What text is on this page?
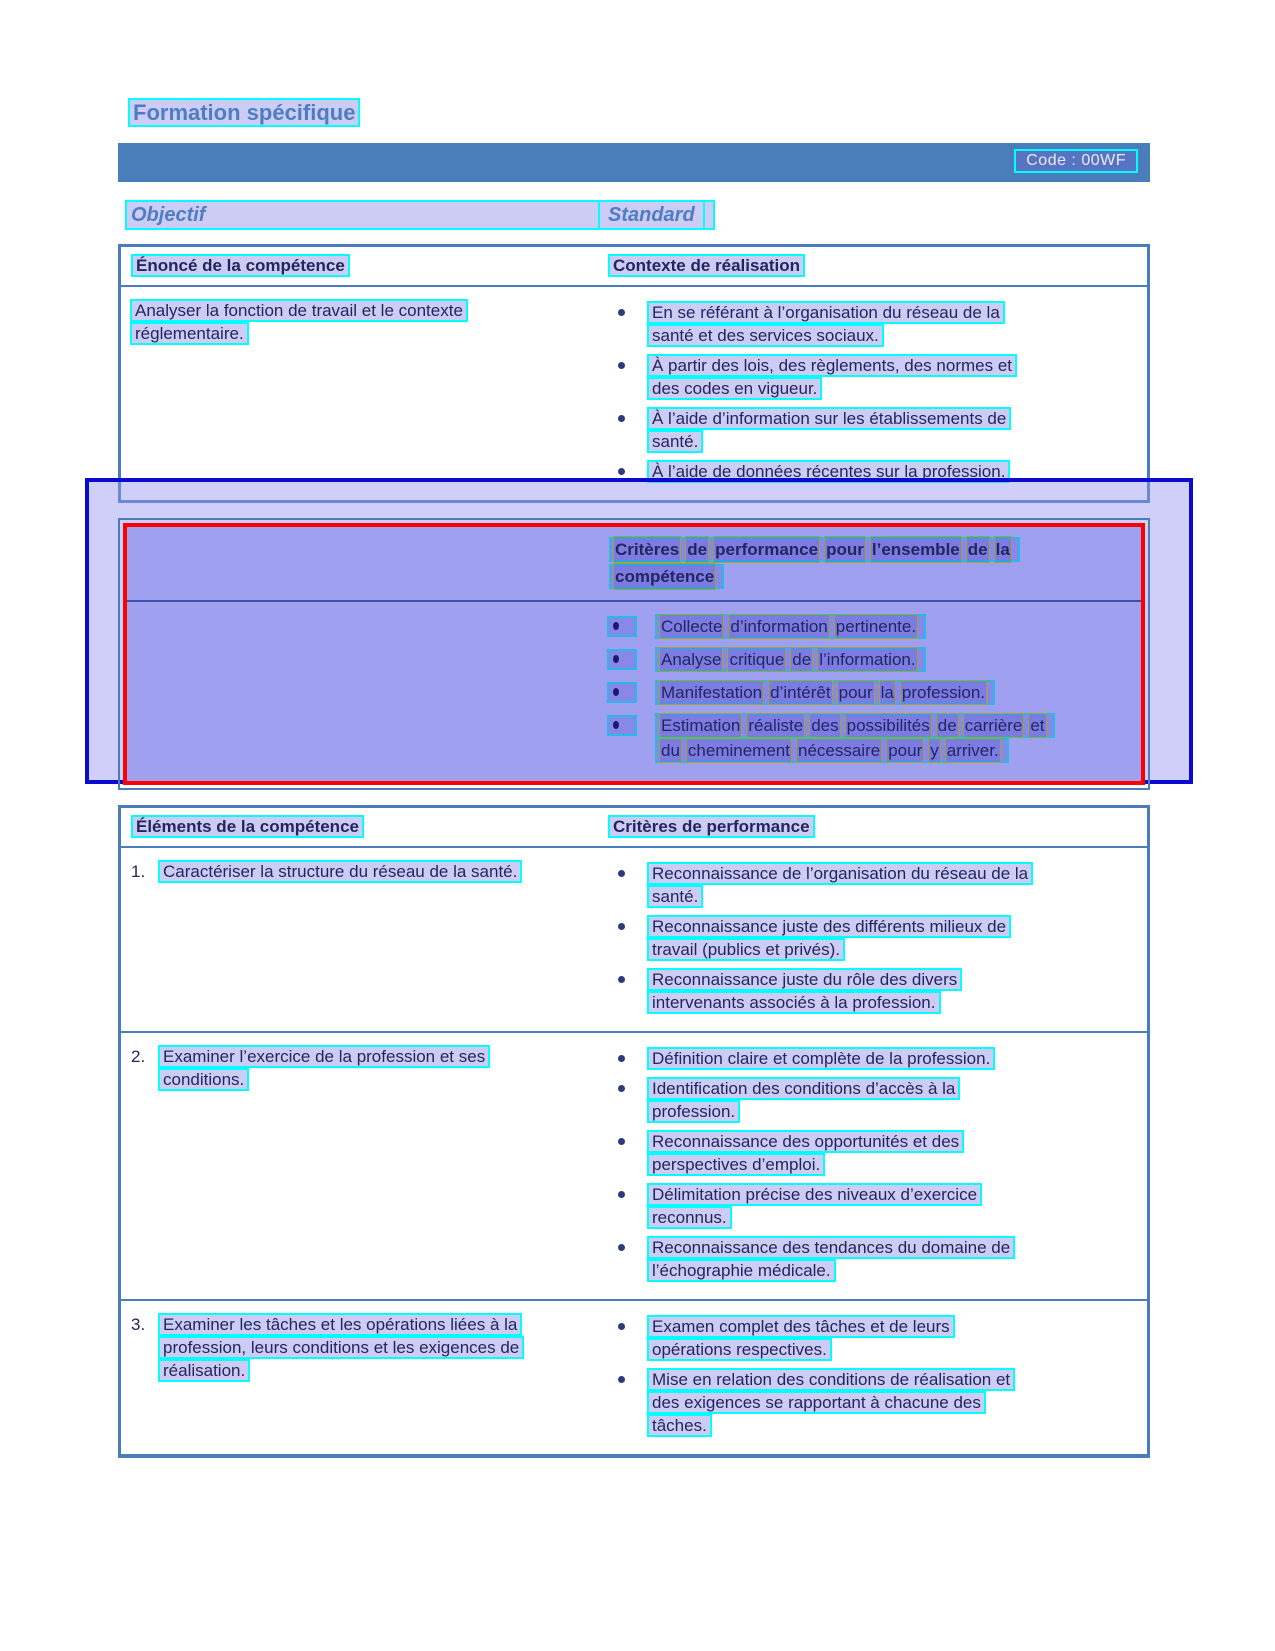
Formation spécifique
Code : 00WF
Objectif	Standard
Énoncé de la compétence	Contexte de réalisation
Analyser la fonction de travail et le contexte réglementaire.
En se référant à l’organisation du réseau de la santé et des services sociaux.
À partir des lois, des règlements, des normes et des codes en vigueur.
À l’aide d’information sur les établissements de santé.
À l’aide de données récentes sur la profession.
Critères de performance pour l’ensemble de lacompétence
Collecte d’information pertinente.
Analyse critique de l’information.
Manifestation d’intérêt pour la profession.
Estimation réaliste des possibilités de carrière etdu cheminement nécessaire pour y arriver.
Éléments de la compétence	Critères de performance
1.	Caractériser la structure du réseau de la santé.	Reconnaissance de l’organisation du réseau de la santé.
Reconnaissance juste des différents milieux de travail (publics et privés).
Reconnaissance juste du rôle des divers intervenants associés à la profession.
2.	Examiner l’exercice de la profession et ses conditions.
Définition claire et complète de la profession.
Identification des conditions d’accès à la profession.
Reconnaissance des opportunités et des perspectives d’emploi.
Délimitation précise des niveaux d’exercice reconnus.
Reconnaissance des tendances du domaine de l’échographie médicale.
3.	Examiner les tâches et les opérations liées à la profession, leurs conditions et les exigences de réalisation.
Examen complet des tâches et de leurs opérations respectives.
Mise en relation des conditions de réalisation et des exigences se rapportant à chacune des tâches.
